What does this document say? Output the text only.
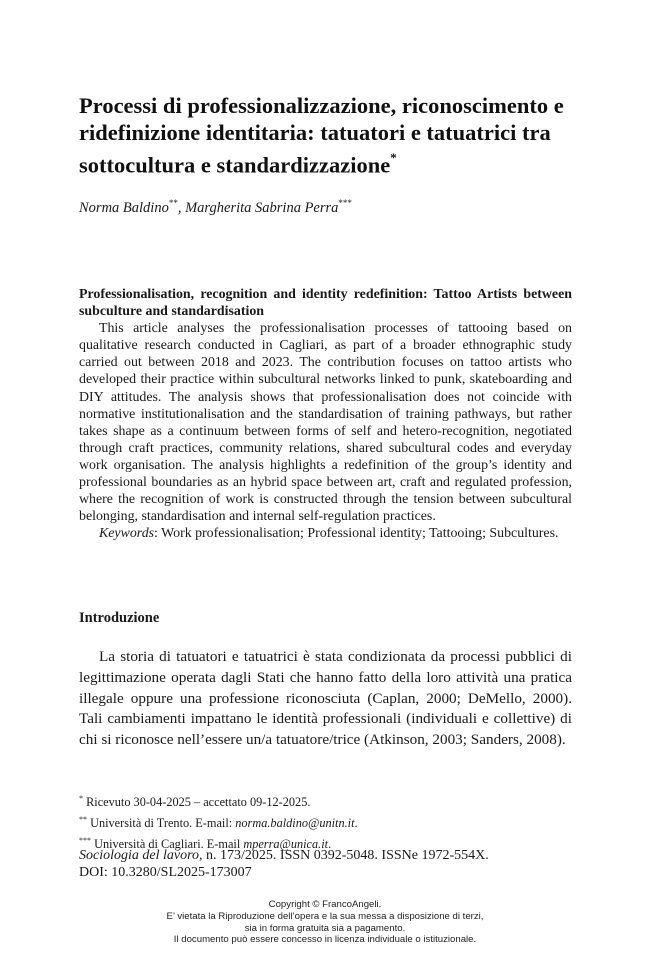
Processi di professionalizzazione, riconoscimento e ridefinizione identitaria: tatuatori e tatuatrici tra sottocultura e standardizzazione*
Norma Baldino**, Margherita Sabrina Perra***
Professionalisation, recognition and identity redefinition: Tattoo Artists between subculture and standardisation

This article analyses the professionalisation processes of tattooing based on qualitative research conducted in Cagliari, as part of a broader ethnographic study carried out between 2018 and 2023. The contribution focuses on tattoo artists who developed their practice within subcultural networks linked to punk, skateboarding and DIY attitudes. The analysis shows that professionalisation does not coincide with normative institutionalisation and the standardisation of training pathways, but rather takes shape as a continuum between forms of self and hetero-recognition, negotiated through craft practices, community relations, shared subcultural codes and everyday work organisation. The analysis highlights a redefinition of the group’s identity and professional boundaries as an hybrid space between art, craft and regulated profession, where the recognition of work is constructed through the tension between subcultural belonging, standardisation and internal self-regulation practices.

Keywords: Work professionalisation; Professional identity; Tattooing; Subcultures.

Introduzione

La storia di tatuatori e tatuatrici è stata condizionata da processi pubblici di legittimazione operata dagli Stati che hanno fatto della loro attività una pratica illegale oppure una professione riconosciuta (Caplan, 2000; DeMello, 2000). Tali cambiamenti impattano le identità professionali (individuali e collettive) di chi si riconosce nell’essere un/a tatuatore/trice (Atkinson, 2003; Sanders, 2008).

* Ricevuto 30-04-2025 – accettato 09-12-2025.

** Università di Trento. E-mail: norma.baldino@unitn.it.

*** Università di Cagliari. E-mail mperra@unica.it.

Sociologia del lavoro, n. 173/2025. ISSN 0392-5048. ISSNe 1972-554X.
DOI: 10.3280/SL2025-173007

Copyright © FrancoAngeli.

E’ vietata la Riproduzione dell’opera e la sua messa a disposizione di terzi,

sia in forma gratuita sia a pagamento.

Il documento può essere concesso in licenza individuale o istituzionale.
